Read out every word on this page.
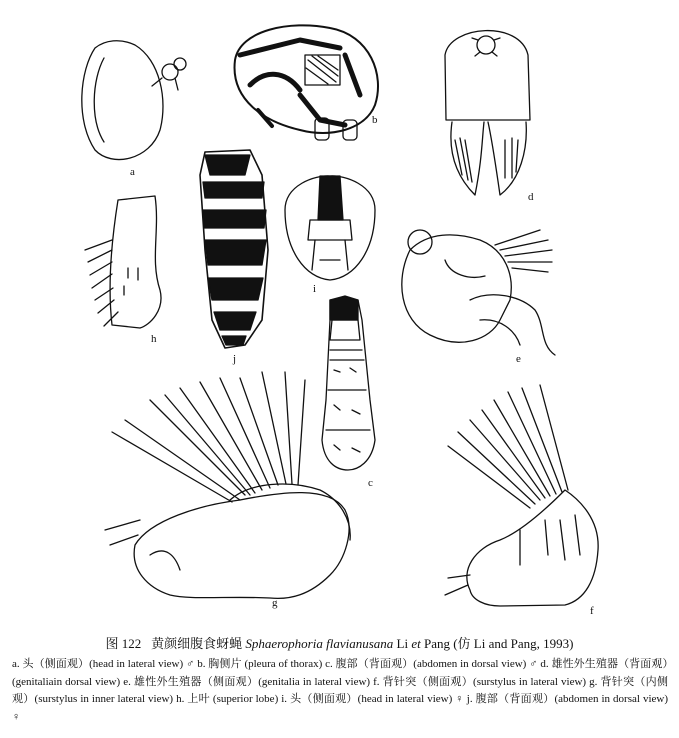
a
b
c
d
e
f
g
h
i
j
图 122 黄颜细腹食蚜蝇 Sphaerophoria flavianusana Li et Pang (仿 Li and Pang, 1993)
a. 头（侧面观）(head in lateral view) ♂ b. 胸侧片 (pleura of thorax) c. 腹部（背面观）(abdomen in dorsal view) ♂ d. 雄性外生殖器（背面观）(genitaliain dorsal view) e. 雄性外生殖器（侧面观）(genitalia in lateral view) f. 背针突（侧面观）(surstylus in lateral view) g. 背针突（内侧观）(surstylus in inner lateral view) h. 上叶 (superior lobe) i. 头（侧面观）(head in lateral view) ♀ j. 腹部（背面观）(abdomen in dorsal view) ♀
